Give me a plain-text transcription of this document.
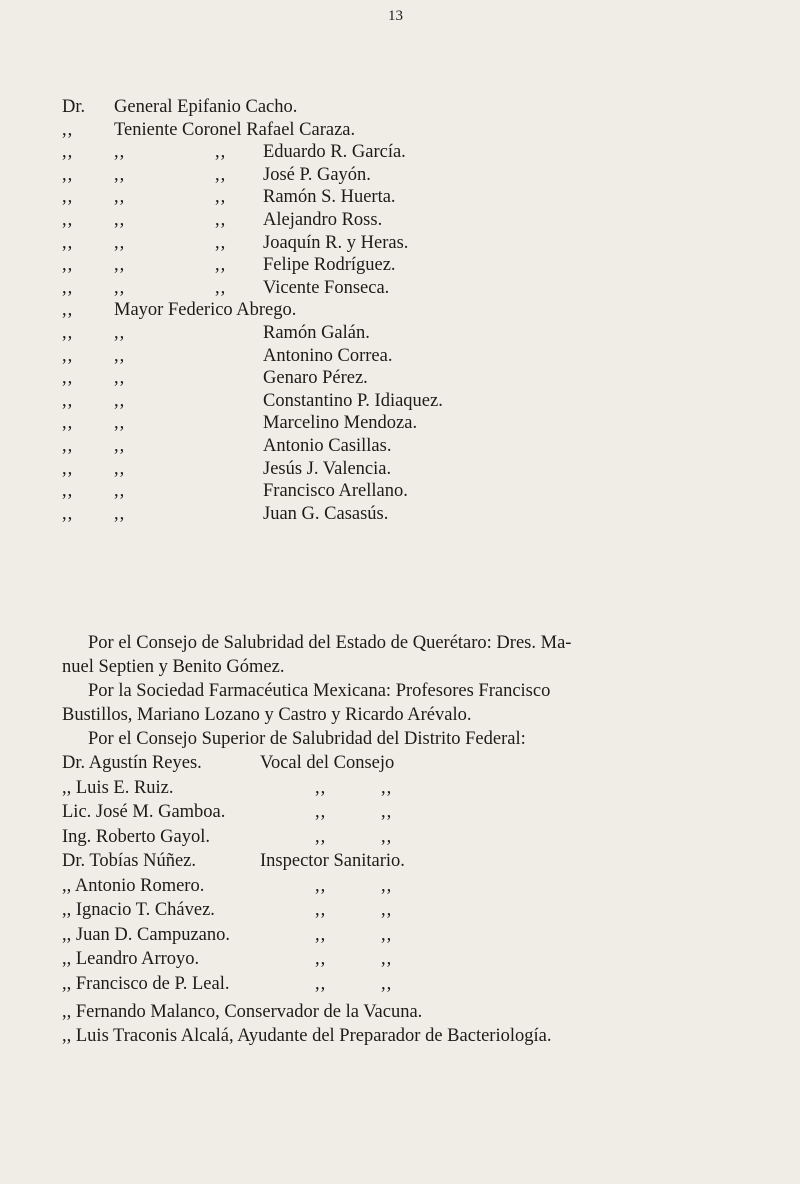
13
Dr. General Epifanio Cacho.
,, Teniente Coronel Rafael Caraza.
,, ,,	,, Eduardo R. García.
,, ,,	,, José P. Gayón.
,, ,,	,, Ramón S. Huerta.
,, ,,	,, Alejandro Ross.
,, ,,	,, Joaquín R. y Heras.
,, ,,	,, Felipe Rodríguez.
,, ,,	,, Vicente Fonseca.
,, Mayor Federico Abrego.
,, ,,	Ramón Galán.
,, ,,	Antonino Correa.
,, ,,	Genaro Pérez.
,, ,,	Constantino P. Idiaquez.
,, ,,	Marcelino Mendoza.
,, ,,	Antonio Casillas.
,, ,,	Jesús J. Valencia.
,, ,,	Francisco Arellano.
,, ,,	Juan G. Casasús.
Por el Consejo de Salubridad del Estado de Querétaro: Dres. Ma-
nuel Septien y Benito Gómez.
Por la Sociedad Farmacéutica Mexicana: Profesores Francisco
Bustillos, Mariano Lozano y Castro y Ricardo Arévalo.
Por el Consejo Superior de Salubridad del Distrito Federal:
Dr. Agustín Reyes.	Vocal del Consejo
,, Luis E. Ruiz.	,,	,,
Lic. José M. Gamboa.	,,	,,
Ing. Roberto Gayol.	,,	,,
Dr. Tobías Núñez.	Inspector Sanitario.
,, Antonio Romero.	,,	,,
,, Ignacio T. Chávez.	,,	,,
,, Juan D. Campuzano.	,,	,,
,, Leandro Arroyo.	,,	,,
,, Francisco de P. Leal.	,,	,,
,, Fernando Malanco, Conservador de la Vacuna.
,, Luis Traconis Alcalá, Ayudante del Preparador de Bacteriología.
